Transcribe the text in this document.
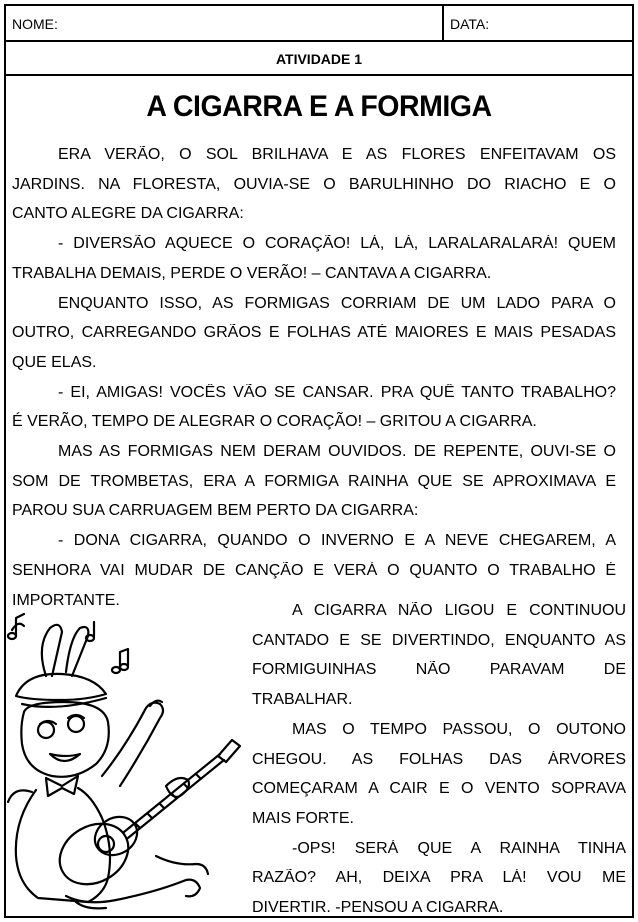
NOME:	DATA:
ATIVIDADE 1
A CIGARRA E A FORMIGA
ERA VERÃO, O SOL BRILHAVA E AS FLORES ENFEITAVAM OS
JARDINS. NA FLORESTA, OUVIA-SE O BARULHINHO DO RIACHO E O
CANTO ALEGRE DA CIGARRA:
- DIVERSÃO AQUECE O CORAÇÃO! LÁ, LÁ, LARALARALARÁ! QUEM
TRABALHA DEMAIS, PERDE O VERÃO! – CANTAVA A CIGARRA.
ENQUANTO ISSO, AS FORMIGAS CORRIAM DE UM LADO PARA O
OUTRO, CARREGANDO GRÃOS E FOLHAS ATÉ MAIORES E MAIS PESADAS
QUE ELAS.
- EI, AMIGAS! VOCÊS VÃO SE CANSAR. PRA QUÊ TANTO TRABALHO?
É VERÃO, TEMPO DE ALEGRAR O CORAÇÃO! – GRITOU A CIGARRA.
MAS AS FORMIGAS NEM DERAM OUVIDOS. DE REPENTE, OUVI-SE O
SOM DE TROMBETAS, ERA A FORMIGA RAINHA QUE SE APROXIMAVA E
PAROU SUA CARRUAGEM BEM PERTO DA CIGARRA:
- DONA CIGARRA, QUANDO O INVERNO E A NEVE CHEGAREM, A
SENHORA VAI MUDAR DE CANÇÃO E VERÁ O QUANTO O TRABALHO É
IMPORTANTE.
A CIGARRA NÃO LIGOU E CONTINUOU
CANTADO E SE DIVERTINDO, ENQUANTO AS
FORMIGUINHAS NÃO PARAVAM DE
TRABALHAR.
MAS O TEMPO PASSOU, O OUTONO
CHEGOU. AS FOLHAS DAS ÁRVORES
COMEÇARAM A CAIR E O VENTO SOPRAVA
MAIS FORTE.
-OPS! SERÁ QUE A RAINHA TINHA
RAZÃO? AH, DEIXA PRA LÁ! VOU ME
DIVERTIR. -PENSOU A CIGARRA.
